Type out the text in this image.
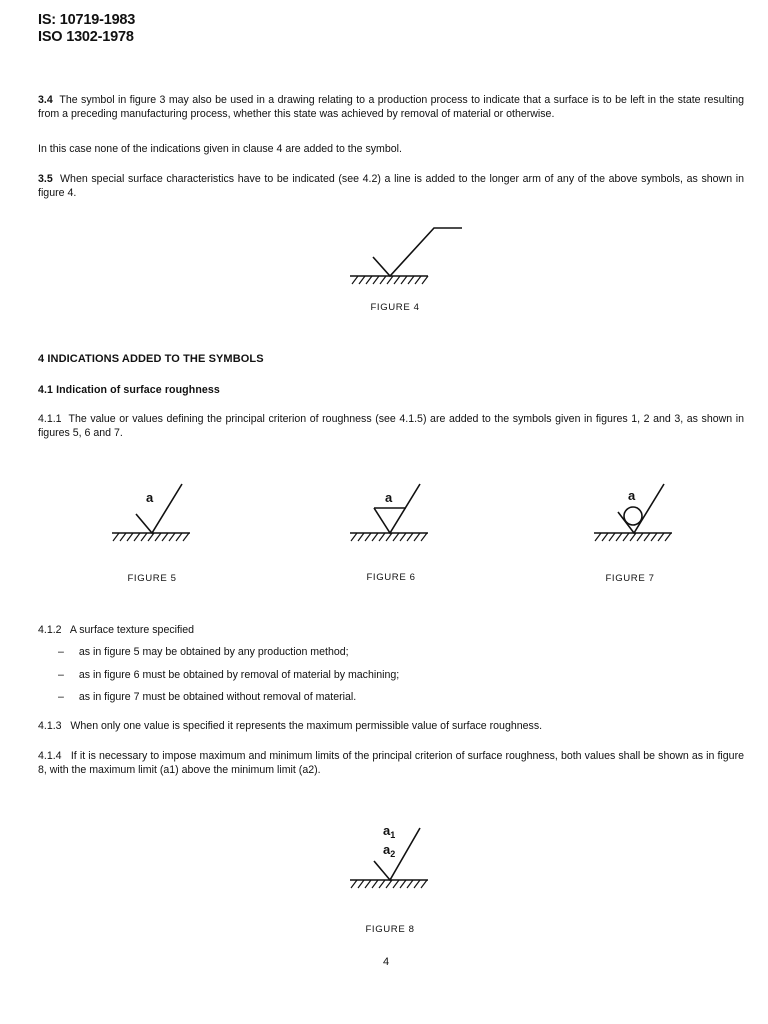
IS: 10719-1983
ISO 1302-1978
3.4 The symbol in figure 3 may also be used in a drawing relating to a production process to indicate that a surface is to be left in the state resulting from a preceding manufacturing process, whether this state was achieved by removal of material or otherwise.
In this case none of the indications given in clause 4 are added to the symbol.
3.5 When special surface characteristics have to be indicated (see 4.2) a line is added to the longer arm of any of the above symbols, as shown in figure 4.
FIGURE 4
4 INDICATIONS ADDED TO THE SYMBOLS
4.1 Indication of surface roughness
4.1.1 The value or values defining the principal criterion of roughness (see 4.1.5) are added to the symbols given in figures 1, 2 and 3, as shown in figures 5, 6 and 7.
a
FIGURE 5
a
FIGURE 6
a
FIGURE 7
4.1.2 A surface texture specified
– as in figure 5 may be obtained by any production method;
– as in figure 6 must be obtained by removal of material by machining;
– as in figure 7 must be obtained without removal of material.
4.1.3 When only one value is specified it represents the maximum permissible value of surface roughness.
4.1.4 If it is necessary to impose maximum and minimum limits of the principal criterion of surface roughness, both values shall be shown as in figure 8, with the maximum limit (a1) above the minimum limit (a2).
$a_1$
$a_2$
FIGURE 8
4
